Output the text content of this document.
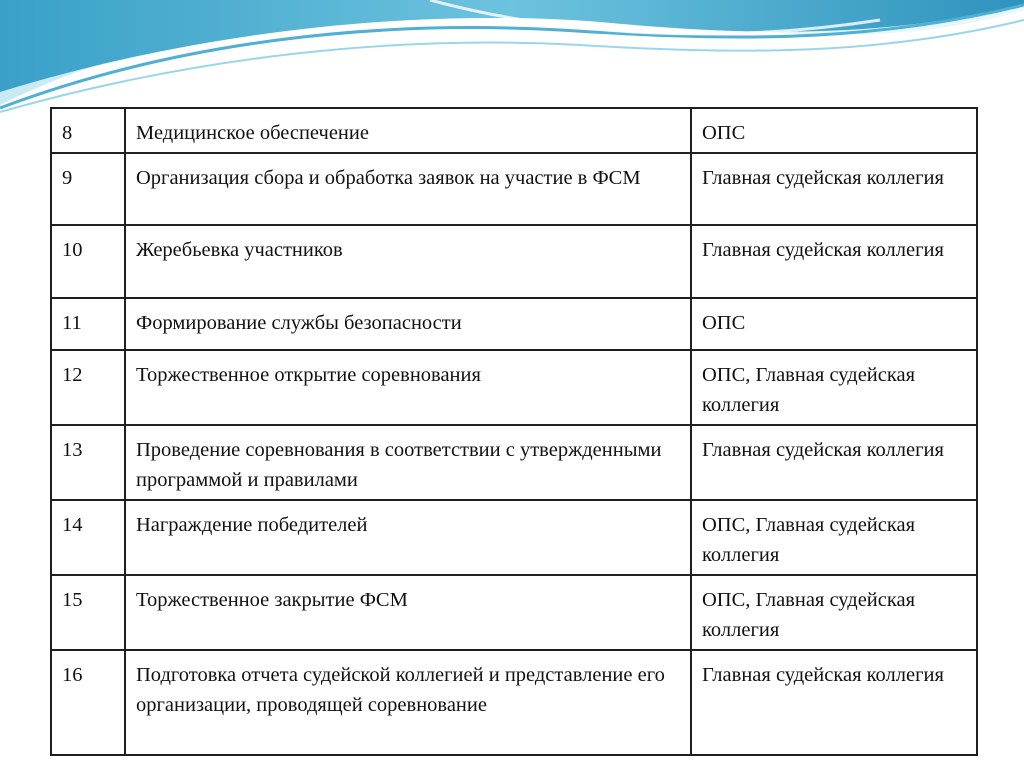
8	Медицинское обеспечение	ОПС
9	Организация сбора и обработка заявок на участие в ФСМ	Главная судейская коллегия
10	Жеребьевка участников	Главная судейская коллегия
11	Формирование службы безопасности	ОПС
12	Торжественное открытие соревнования	ОПС, Главная судейская коллегия
13	Проведение соревнования в соответствии с утвержденными программой и правилами	Главная судейская коллегия
14	Награждение победителей	ОПС, Главная судейская коллегия
15	Торжественное закрытие ФСМ	ОПС, Главная судейская коллегия
16	Подготовка отчета судейской коллегией и представление его организации, проводящей соревнование	Главная судейская коллегия
